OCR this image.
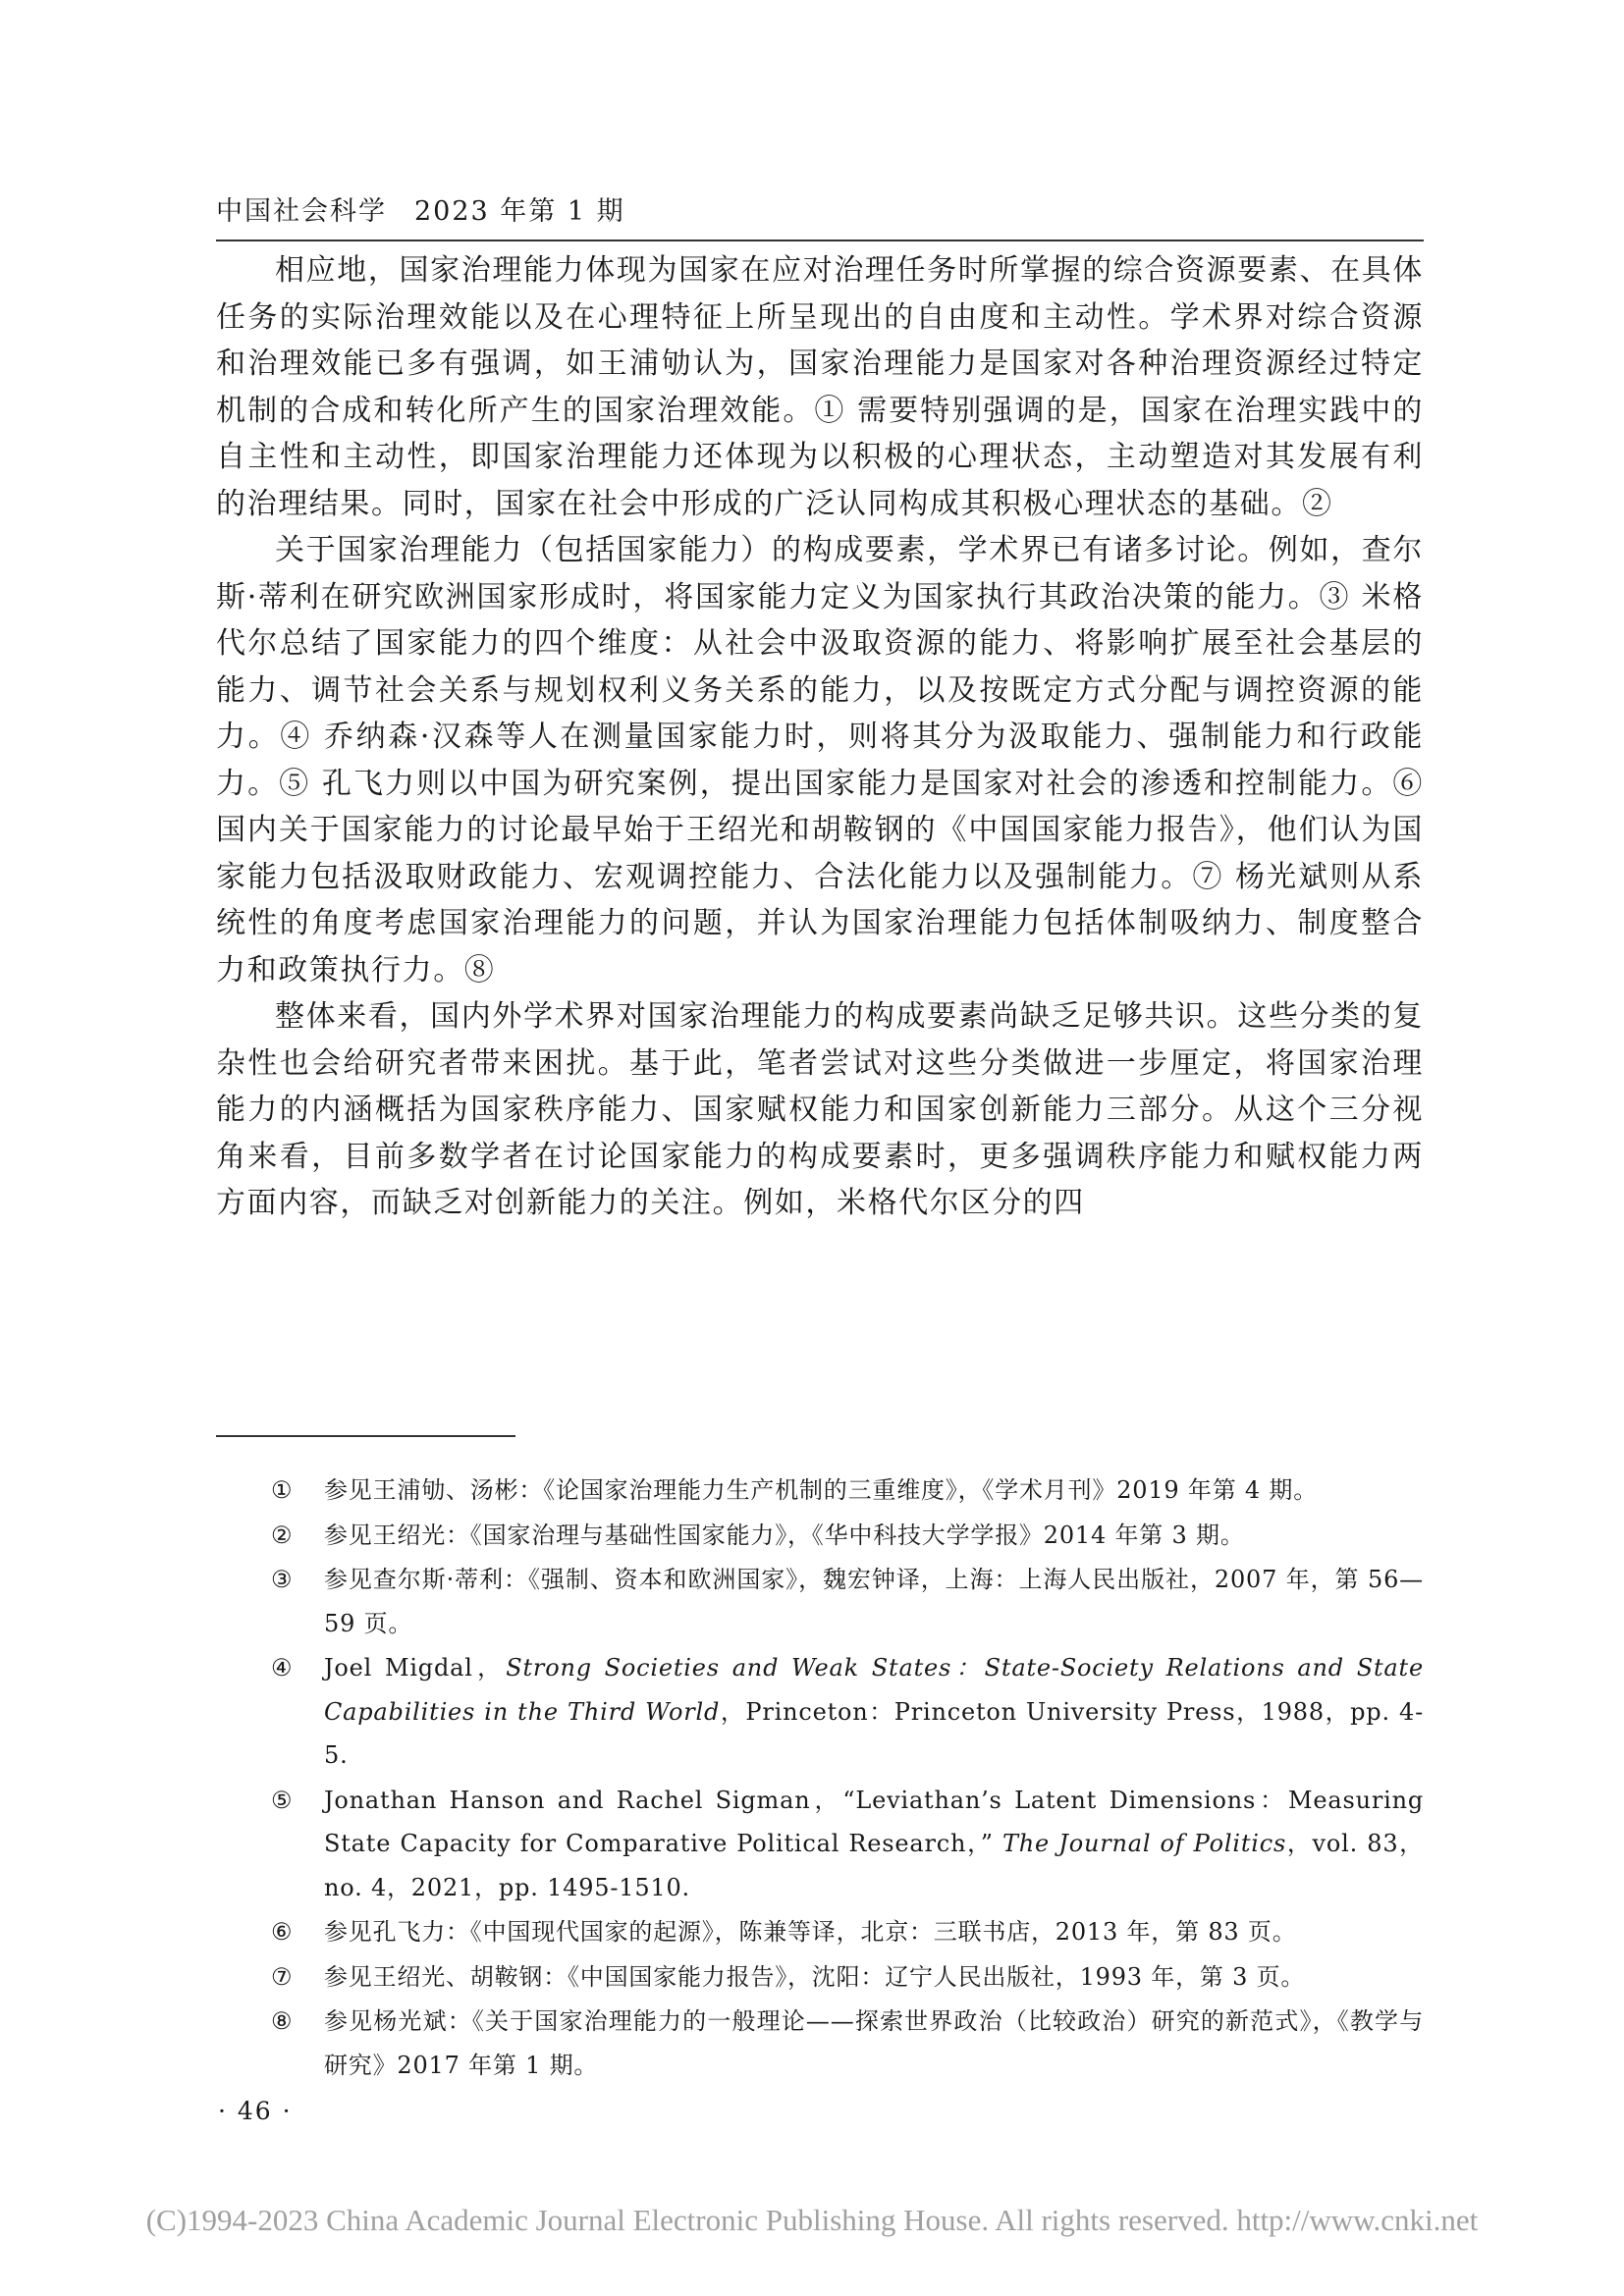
中国社会科学 2023 年第 1 期

相应地，国家治理能力体现为国家在应对治理任务时所掌握的综合资源要素、在具体任务的实际治理效能以及在心理特征上所呈现出的自由度和主动性。学术界对综合资源和治理效能已多有强调，如王浦劬认为，国家治理能力是国家对各种治理资源经过特定机制的合成和转化所产生的国家治理效能。① 需要特别强调的是，国家在治理实践中的自主性和主动性，即国家治理能力还体现为以积极的心理状态，主动塑造对其发展有利的治理结果。同时，国家在社会中形成的广泛认同构成其积极心理状态的基础。②

关于国家治理能力（包括国家能力）的构成要素，学术界已有诸多讨论。例如，查尔斯·蒂利在研究欧洲国家形成时，将国家能力定义为国家执行其政治决策的能力。③ 米格代尔总结了国家能力的四个维度：从社会中汲取资源的能力、将影响扩展至社会基层的能力、调节社会关系与规划权利义务关系的能力，以及按既定方式分配与调控资源的能力。④ 乔纳森·汉森等人在测量国家能力时，则将其分为汲取能力、强制能力和行政能力。⑤ 孔飞力则以中国为研究案例，提出国家能力是国家对社会的渗透和控制能力。⑥ 国内关于国家能力的讨论最早始于王绍光和胡鞍钢的《中国国家能力报告》，他们认为国家能力包括汲取财政能力、宏观调控能力、合法化能力以及强制能力。⑦ 杨光斌则从系统性的角度考虑国家治理能力的问题，并认为国家治理能力包括体制吸纳力、制度整合力和政策执行力。⑧

整体来看，国内外学术界对国家治理能力的构成要素尚缺乏足够共识。这些分类的复杂性也会给研究者带来困扰。基于此，笔者尝试对这些分类做进一步厘定，将国家治理能力的内涵概括为国家秩序能力、国家赋权能力和国家创新能力三部分。从这个三分视角来看，目前多数学者在讨论国家能力的构成要素时，更多强调秩序能力和赋权能力两方面内容，而缺乏对创新能力的关注。例如，米格代尔区分的四

① 参见王浦劬、汤彬：《论国家治理能力生产机制的三重维度》，《学术月刊》2019 年第 4 期。
② 参见王绍光：《国家治理与基础性国家能力》，《华中科技大学学报》2014 年第 3 期。
③ 参见查尔斯·蒂利：《强制、资本和欧洲国家》，魏宏钟译，上海：上海人民出版社，2007 年，第 56—59 页。
④ Joel Migdal，Strong Societies and Weak States：State-Society Relations and State Capabilities in the Third World，Princeton：Princeton University Press，1988，pp. 4-5.
⑤ Jonathan Hanson and Rachel Sigman，“Leviathan’s Latent Dimensions：Measuring State Capacity for Comparative Political Research，” The Journal of Politics，vol. 83，no. 4，2021，pp. 1495-1510.
⑥ 参见孔飞力：《中国现代国家的起源》，陈兼等译，北京：三联书店，2013 年，第 83 页。
⑦ 参见王绍光、胡鞍钢：《中国国家能力报告》，沈阳：辽宁人民出版社，1993 年，第 3 页。
⑧ 参见杨光斌：《关于国家治理能力的一般理论——探索世界政治（比较政治）研究的新范式》，《教学与研究》2017 年第 1 期。
· 46 ·
(C)1994-2023 China Academic Journal Electronic Publishing House. All rights reserved. http://www.cnki.net
